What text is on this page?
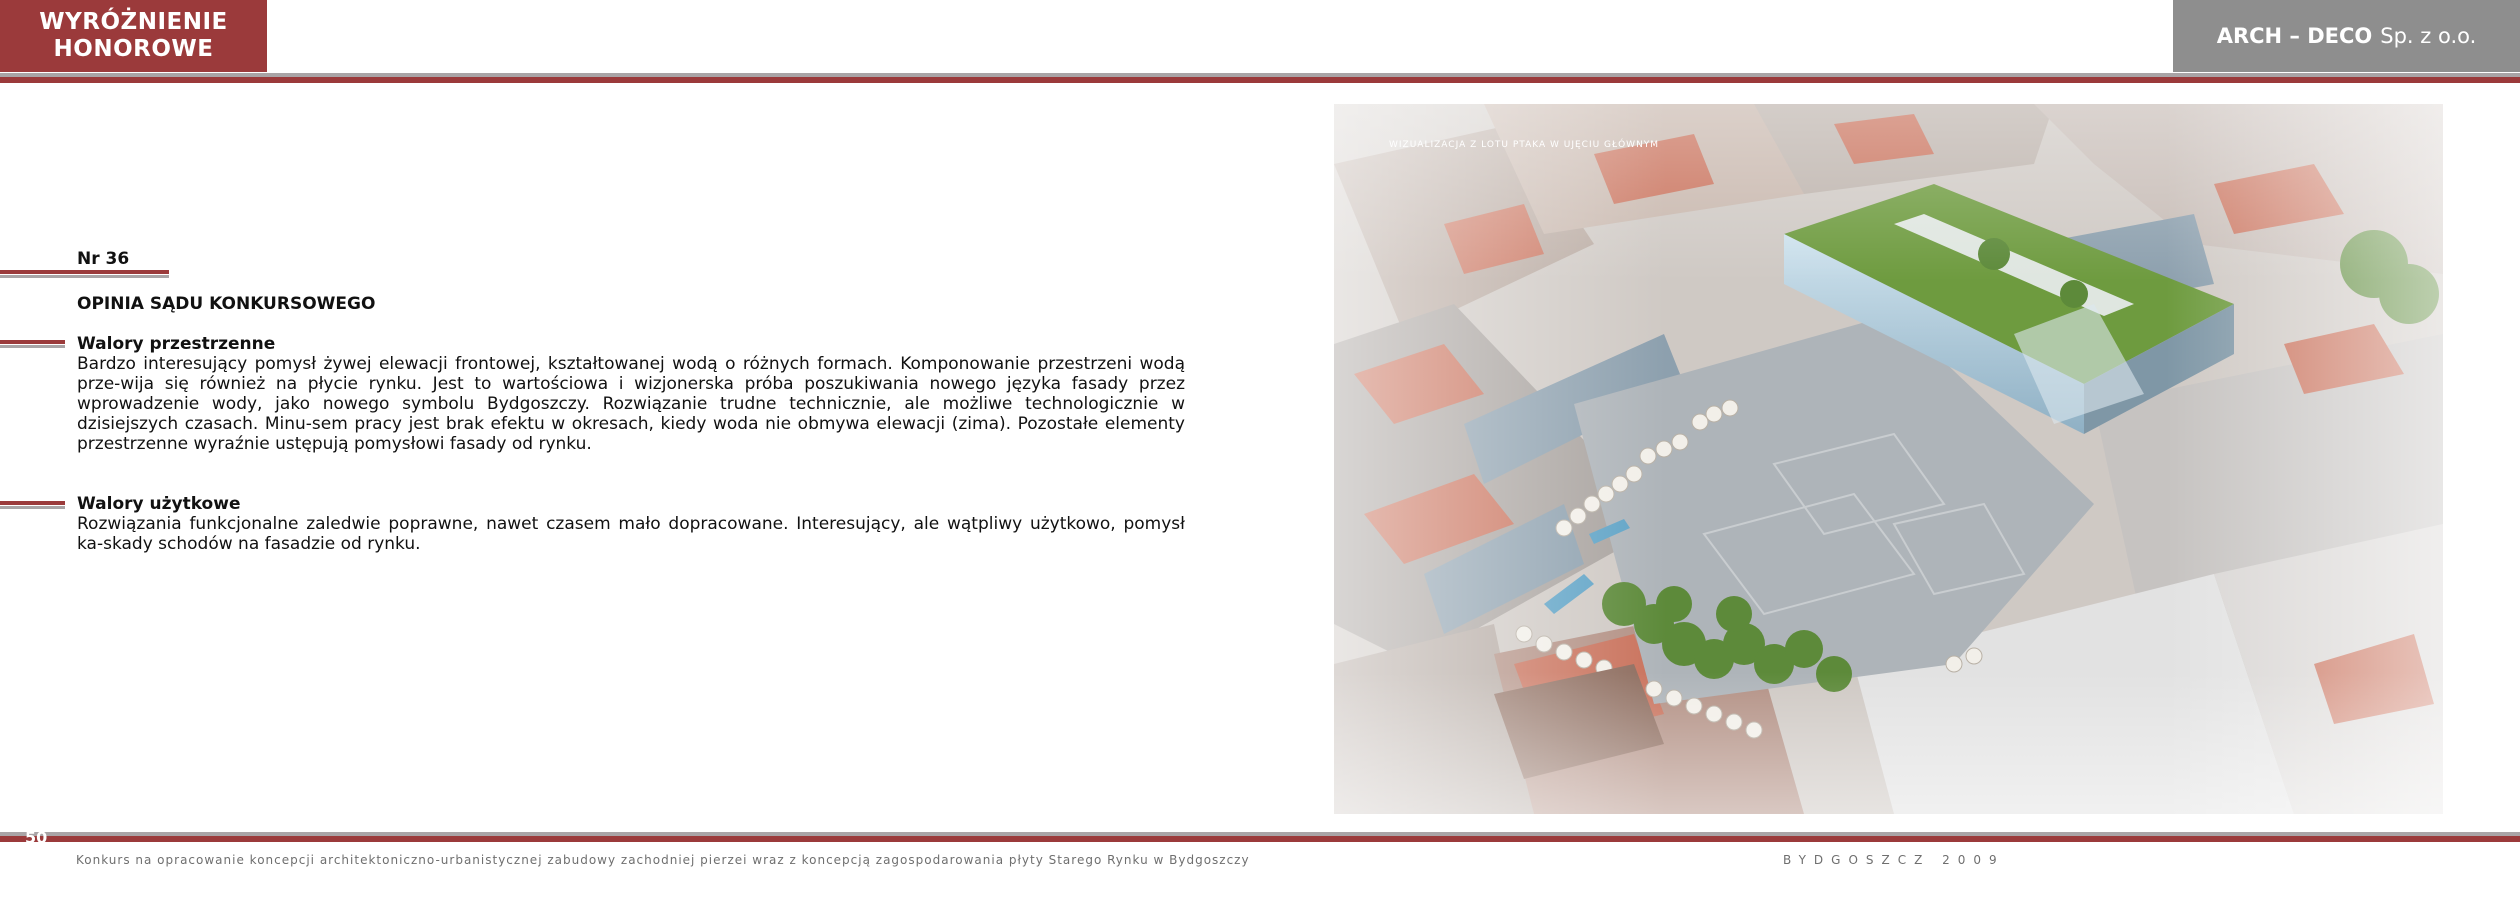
WYRÓŻNIENIE
HONOROWE	ARCH – DECO Sp. z o.o.
Nr 36
OPINIA SĄDU KONKURSOWEGO
Walory przestrzenne

Bardzo interesujący pomysł żywej elewacji frontowej, kształtowanej wodą o różnych formach. Komponowanie przestrzeni wodą prze-wija się również na płycie rynku. Jest to wartościowa i wizjonerska próba poszukiwania nowego języka fasady przez wprowadzenie wody, jako nowego symbolu Bydgoszczy. Rozwiązanie trudne technicznie, ale możliwe technologicznie w dzisiejszych czasach. Minu-sem pracy jest brak efektu w okresach, kiedy woda nie obmywa elewacji (zima). Pozostałe elementy przestrzenne wyraźnie ustępują pomysłowi fasady od rynku.

Walory użytkowe

Rozwiązania funkcjonalne zaledwie poprawne, nawet czasem mało dopracowane. Interesujący, ale wątpliwy użytkowo, pomysł ka-skady schodów na fasadzie od rynku.

WIZUALIZACJA Z LOTU PTAKA W UJĘCIU GŁÓWNYM
50
Konkurs na opracowanie koncepcji architektoniczno-urbanistycznej zabudowy zachodniej pierzei wraz z koncepcją zagospodarowania płyty Starego Rynku w Bydgoszczy	BYDGOSZCZ 2009
